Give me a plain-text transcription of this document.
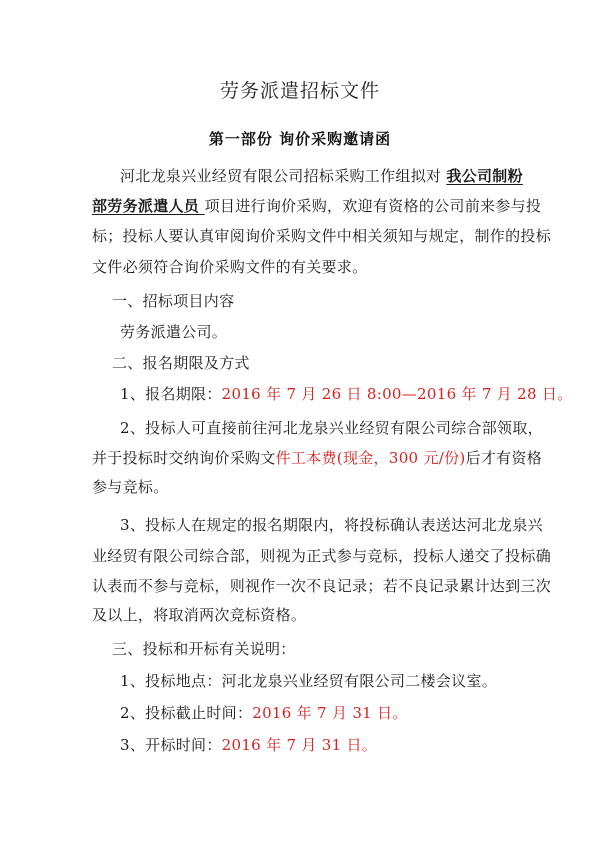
劳务派遣招标文件
第一部份 询价采购邀请函
河北龙泉兴业经贸有限公司招标采购工作组拟对 我公司制粉
部劳务派遣人员 项目进行询价采购，欢迎有资格的公司前来参与投
标；投标人要认真审阅询价采购文件中相关须知与规定，制作的投标
文件必须符合询价采购文件的有关要求。
一、招标项目内容
劳务派遣公司。
二、报名期限及方式
1、报名期限：2016 年 7 月 26 日 8:00—2016 年 7 月 28 日。
2、投标人可直接前往河北龙泉兴业经贸有限公司综合部领取，
并于投标时交纳询价采购文件工本费(现金，300 元/份)后才有资格
参与竞标。
3、投标人在规定的报名期限内，将投标确认表送达河北龙泉兴
业经贸有限公司综合部，则视为正式参与竞标，投标人递交了投标确
认表而不参与竞标，则视作一次不良记录；若不良记录累计达到三次
及以上，将取消两次竞标资格。
三、投标和开标有关说明：
1、投标地点：河北龙泉兴业经贸有限公司二楼会议室。
2、投标截止时间：2016 年 7 月 31 日。
3、开标时间：2016 年 7 月 31 日。
